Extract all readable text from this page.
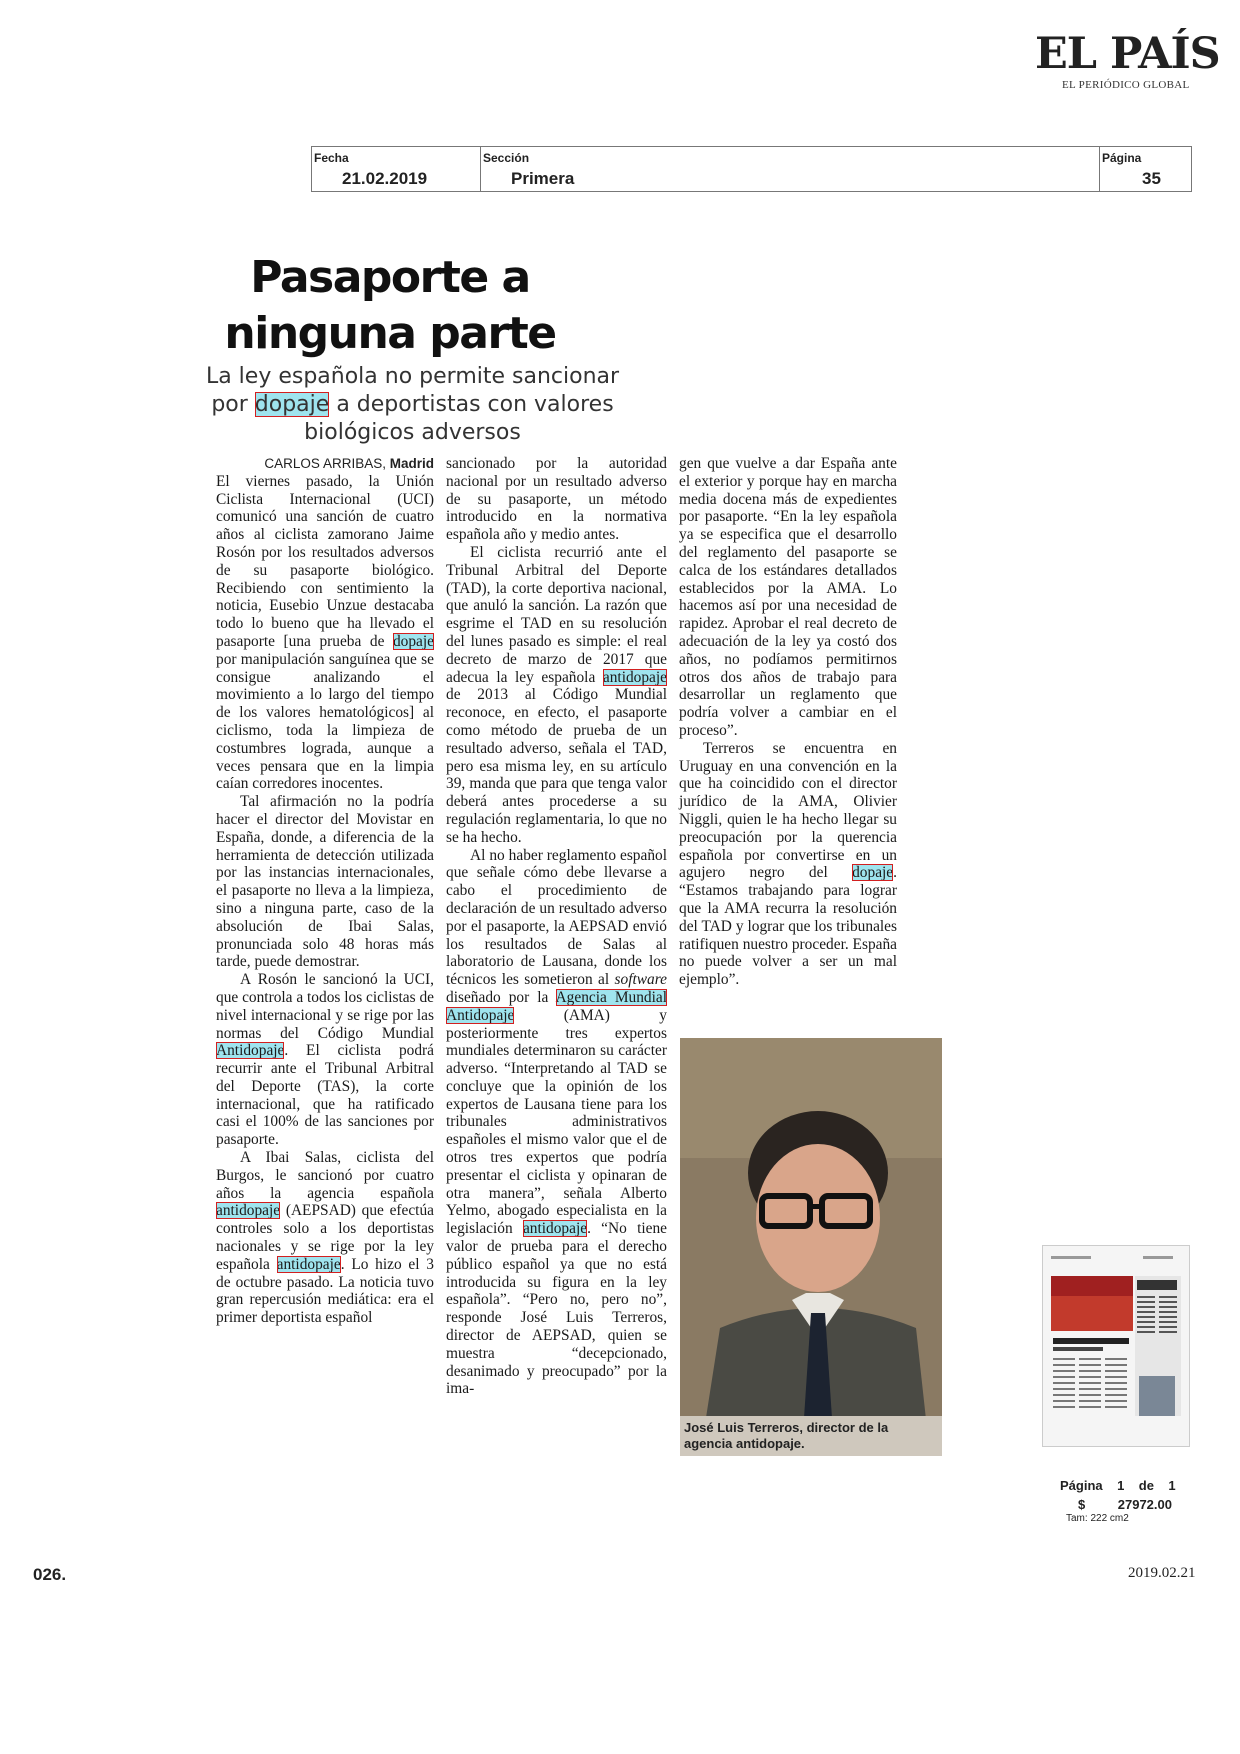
EL PAÍS
EL PERIÓDICO GLOBAL
Fecha
21.02.2019
Sección
Primera
Página
35
Pasaporte a
ninguna parte
La ley española no permite sancionar por dopaje a deportistas con valores biológicos adversos
CARLOS ARRIBAS, Madrid

El viernes pasado, la Unión Ciclista Internacional (UCI) comunicó una sanción de cuatro años al ciclista zamorano Jaime Rosón por los resultados adversos de su pasaporte biológico. Recibiendo con sentimiento la noticia, Eusebio Unzue destacaba todo lo bueno que ha llevado el pasaporte [una prueba de dopaje por manipulación sanguínea que se consigue analizando el movimiento a lo largo del tiempo de los valores hematológicos] al ciclismo, toda la limpieza de costumbres lograda, aunque a veces pensara que en la limpia caían corredores inocentes.

Tal afirmación no la podría hacer el director del Movistar en España, donde, a diferencia de la herramienta de detección utilizada por las instancias internacionales, el pasaporte no lleva a la limpieza, sino a ninguna parte, caso de la absolución de Ibai Salas, pronunciada solo 48 horas más tarde, puede demostrar.

A Rosón le sancionó la UCI, que controla a todos los ciclistas de nivel internacional y se rige por las normas del Código Mundial Antidopaje. El ciclista podrá recurrir ante el Tribunal Arbitral del Deporte (TAS), la corte internacional, que ha ratificado casi el 100% de las sanciones por pasaporte.

A Ibai Salas, ciclista del Burgos, le sancionó por cuatro años la agencia española antidopaje (AEPSAD) que efectúa controles solo a los deportistas nacionales y se rige por la ley española antidopaje. Lo hizo el 3 de octubre pasado. La noticia tuvo gran repercusión mediática: era el primer deportista español

sancionado por la autoridad nacional por un resultado adverso de su pasaporte, un método introducido en la normativa española año y medio antes.

El ciclista recurrió ante el Tribunal Arbitral del Deporte (TAD), la corte deportiva nacional, que anuló la sanción. La razón que esgrime el TAD en su resolución del lunes pasado es simple: el real decreto de marzo de 2017 que adecua la ley española antidopaje de 2013 al Código Mundial reconoce, en efecto, el pasaporte como método de prueba de un resultado adverso, señala el TAD, pero esa misma ley, en su artículo 39, manda que para que tenga valor deberá antes procederse a su regulación reglamentaria, lo que no se ha hecho.

Al no haber reglamento español que señale cómo debe llevarse a cabo el procedimiento de declaración de un resultado adverso por el pasaporte, la AEPSAD envió los resultados de Salas al laboratorio de Lausana, donde los técnicos les sometieron al software diseñado por la Agencia Mundial Antidopaje (AMA) y posteriormente tres expertos mundiales determinaron su carácter adverso. “Interpretando al TAD se concluye que la opinión de los expertos de Lausana tiene para los tribunales administrativos españoles el mismo valor que el de otros tres expertos que podría presentar el ciclista y opinaran de otra manera”, señala Alberto Yelmo, abogado especialista en la legislación antidopaje. “No tiene valor de prueba para el derecho público español ya que no está introducida su figura en la ley española”. “Pero no, pero no”, responde José Luis Terreros, director de AEPSAD, quien se muestra “decepcionado, desanimado y preocupado” por la ima-

gen que vuelve a dar España ante el exterior y porque hay en marcha media docena más de expedientes por pasaporte. “En la ley española ya se especifica que el desarrollo del reglamento del pasaporte se calca de los estándares detallados establecidos por la AMA. Lo hacemos así por una necesidad de rapidez. Aprobar el real decreto de adecuación de la ley ya costó dos años, no podíamos permitirnos otros dos años de trabajo para desarrollar un reglamento que podría volver a cambiar en el proceso”.

Terreros se encuentra en Uruguay en una convención en la que ha coincidido con el director jurídico de la AMA, Olivier Niggli, quien le ha hecho llegar su preocupación por la querencia española por convertirse en un agujero negro del dopaje. “Estamos trabajando para lograr que la AMA recurra la resolución del TAD y lograr que los tribunales ratifiquen nuestro proceder. España no puede volver a ser un mal ejemplo”.

José Luis Terreros, director de la agencia antidopaje.
Página 1 de 1
$	27972.00
Tam: 222 cm2
026.	2019.02.21
